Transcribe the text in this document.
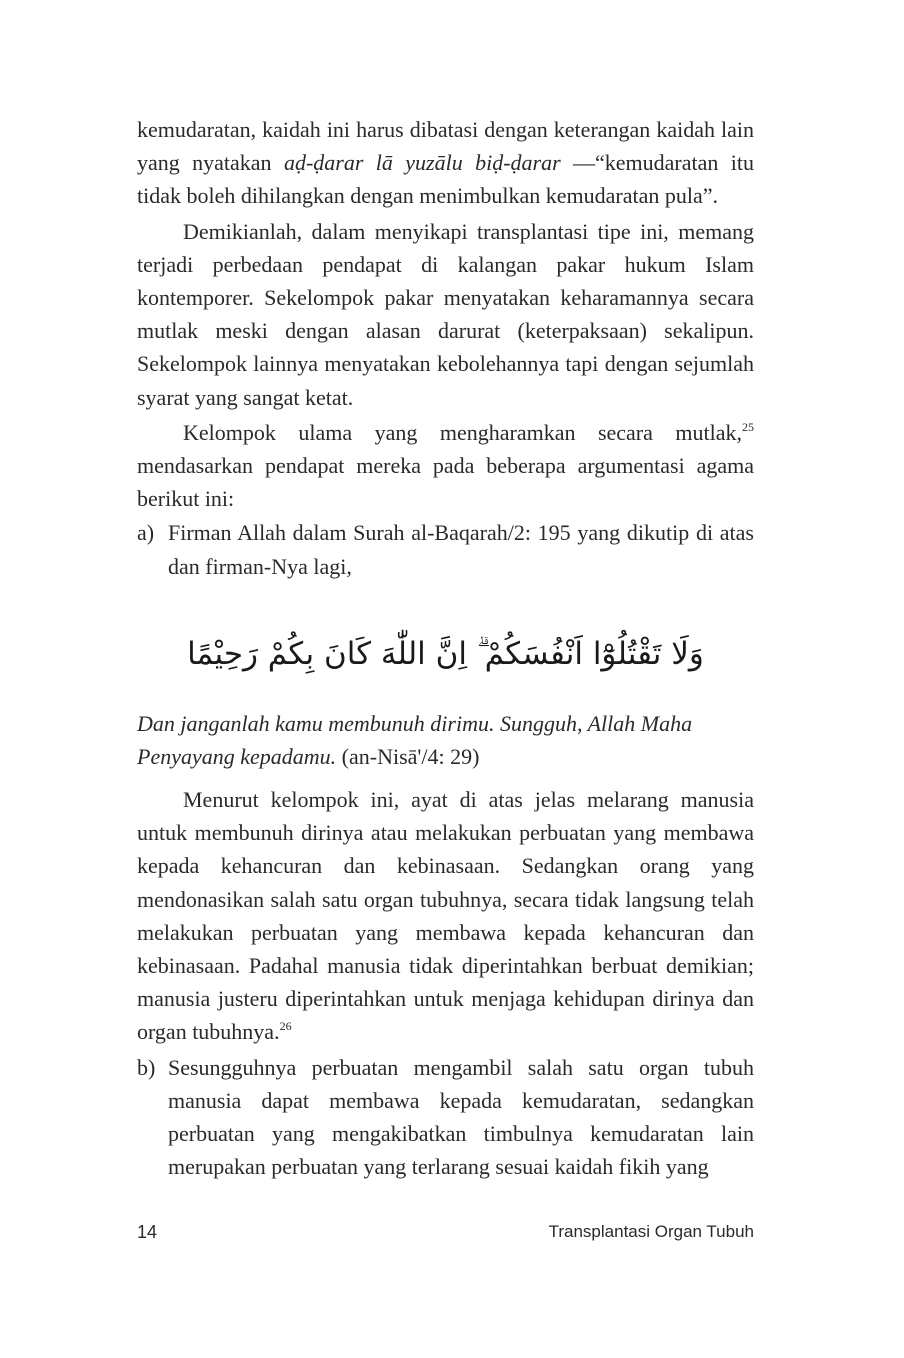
kemudaratan, kaidah ini harus dibatasi dengan keterangan kaidah lain yang nyatakan aḍ-ḍarar lā yuzālu biḍ-ḍarar —“kemudaratan itu tidak boleh dihilangkan dengan menimbulkan kemudaratan pula”.

Demikianlah, dalam menyikapi transplantasi tipe ini, memang terjadi perbedaan pendapat di kalangan pakar hukum Islam kontemporer. Sekelompok pakar menyatakan keharamannya secara mutlak meski dengan alasan darurat (keterpaksaan) sekalipun. Sekelompok lainnya menyatakan kebolehannya tapi dengan sejumlah syarat yang sangat ketat.

Kelompok ulama yang mengharamkan secara mutlak,$^{25}$ mendasarkan pendapat mereka pada beberapa argumentasi agama berikut ini:

a) Firman Allah dalam Surah al-Baqarah/2: 195 yang dikutip di atas dan firman-Nya lagi,
وَلَا تَقْتُلُوْٓا اَنْفُسَكُمْ ۗ اِنَّ اللّٰهَ كَانَ بِكُمْ رَحِيْمًا
Dan janganlah kamu membunuh dirimu. Sungguh, Allah Maha Penyayang kepadamu. (an-Nisā'/4: 29)

Menurut kelompok ini, ayat di atas jelas melarang manusia untuk membunuh dirinya atau melakukan perbuatan yang membawa kepada kehancuran dan kebinasaan. Sedangkan orang yang mendonasikan salah satu organ tubuhnya, secara tidak langsung telah melakukan perbuatan yang membawa kepada kehancuran dan kebinasaan. Padahal manusia tidak diperintahkan berbuat demikian; manusia justeru diperintahkan untuk menjaga kehidupan dirinya dan organ tubuhnya.$^{26}$

b) Sesungguhnya perbuatan mengambil salah satu organ tubuh manusia dapat membawa kepada kemudaratan, sedangkan perbuatan yang mengakibatkan timbulnya kemudaratan lain merupakan perbuatan yang terlarang sesuai kaidah fikih yang
14	Transplantasi Organ Tubuh
